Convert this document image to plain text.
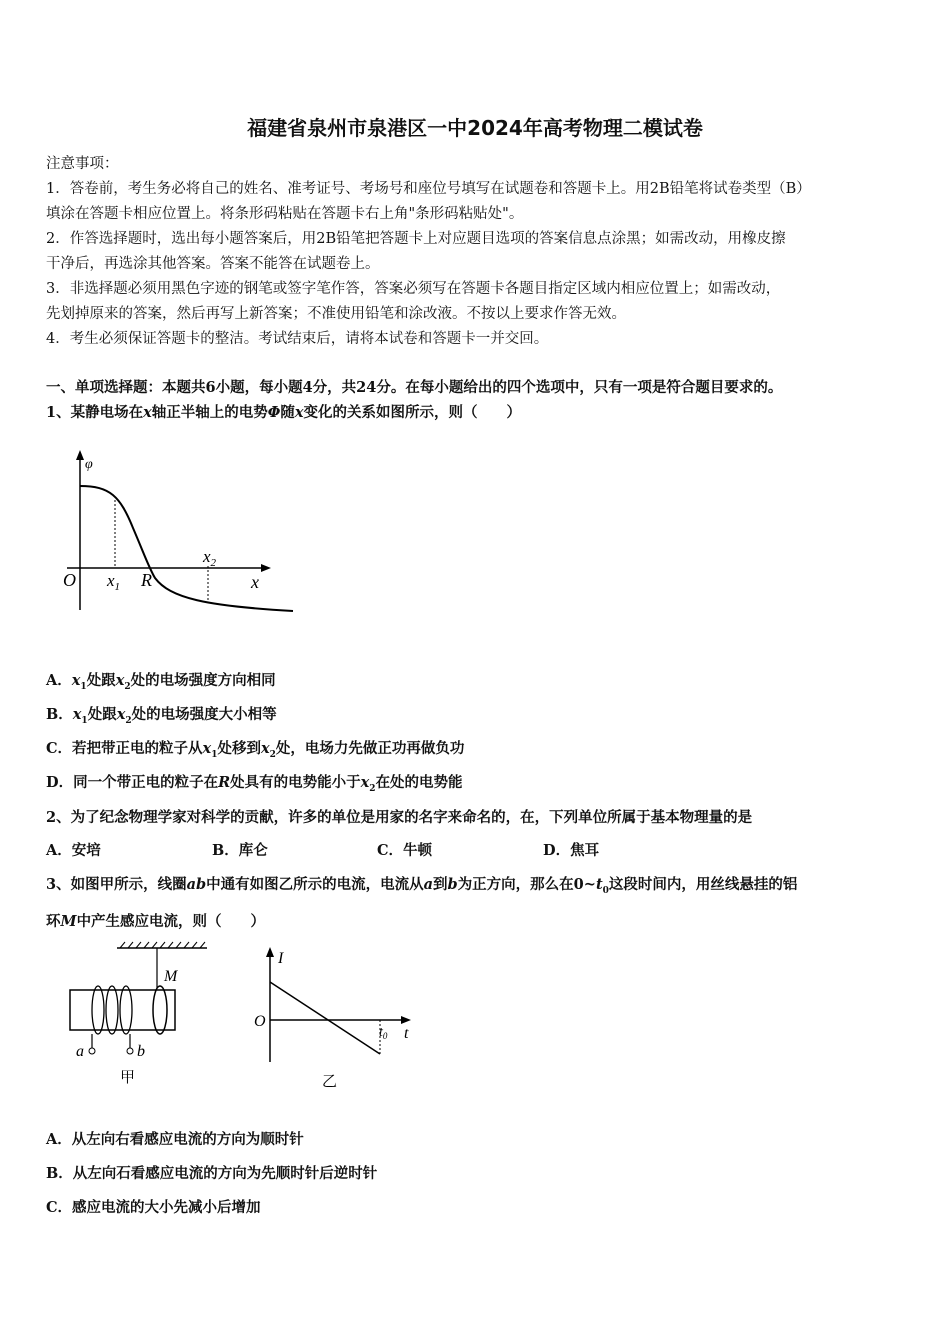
福建省泉州市泉港区一中2024年高考物理二模试卷
注意事项：
1．答卷前，考生务必将自己的姓名、准考证号、考场号和座位号填写在试题卷和答题卡上。用2B铅笔将试卷类型（B）
填涂在答题卡相应位置上。将条形码粘贴在答题卡右上角"条形码粘贴处"。
2．作答选择题时，选出每小题答案后，用2B铅笔把答题卡上对应题目选项的答案信息点涂黑；如需改动，用橡皮擦
干净后，再选涂其他答案。答案不能答在试题卷上。
3．非选择题必须用黑色字迹的钢笔或签字笔作答，答案必须写在答题卡各题目指定区域内相应位置上；如需改动，
先划掉原来的答案，然后再写上新答案；不准使用铅笔和涂改液。不按以上要求作答无效。
4．考生必须保证答题卡的整洁。考试结束后，请将本试卷和答题卡一并交回。
一、单项选择题：本题共6小题，每小题4分，共24分。在每小题给出的四个选项中，只有一项是符合题目要求的。
1、某静电场在x轴正半轴上的电势Φ随x变化的关系如图所示，则（　　）
φ
O $x_1$ R
$x_2$
x
A．$x_1$处跟$x_2$处的电场强度方向相同
B．$x_1$处跟$x_2$处的电场强度大小相等
C．若把带正电的粒子从$x_1$处移到$x_2$处，电场力先做正功再做负功
D．同一个带正电的粒子在R处具有的电势能小于$x_2$在处的电势能
2、为了纪念物理学家对科学的贡献，许多的单位是用家的名字来命名的，在，下列单位所属于基本物理量的是
A．安培	B．库仑	C．牛顿	D．焦耳
3、如图甲所示，线圈ab中通有如图乙所示的电流，电流从a到b为正方向，那么在$0\sim t_0$这段时间内，用丝线悬挂的铝
环M中产生感应电流，则（　　）
M
a	b
甲
I
O
t
$t_0$
乙
A．从左向右看感应电流的方向为顺时针
B．从左向石看感应电流的方向为先顺时针后逆时针
C．感应电流的大小先减小后增加
